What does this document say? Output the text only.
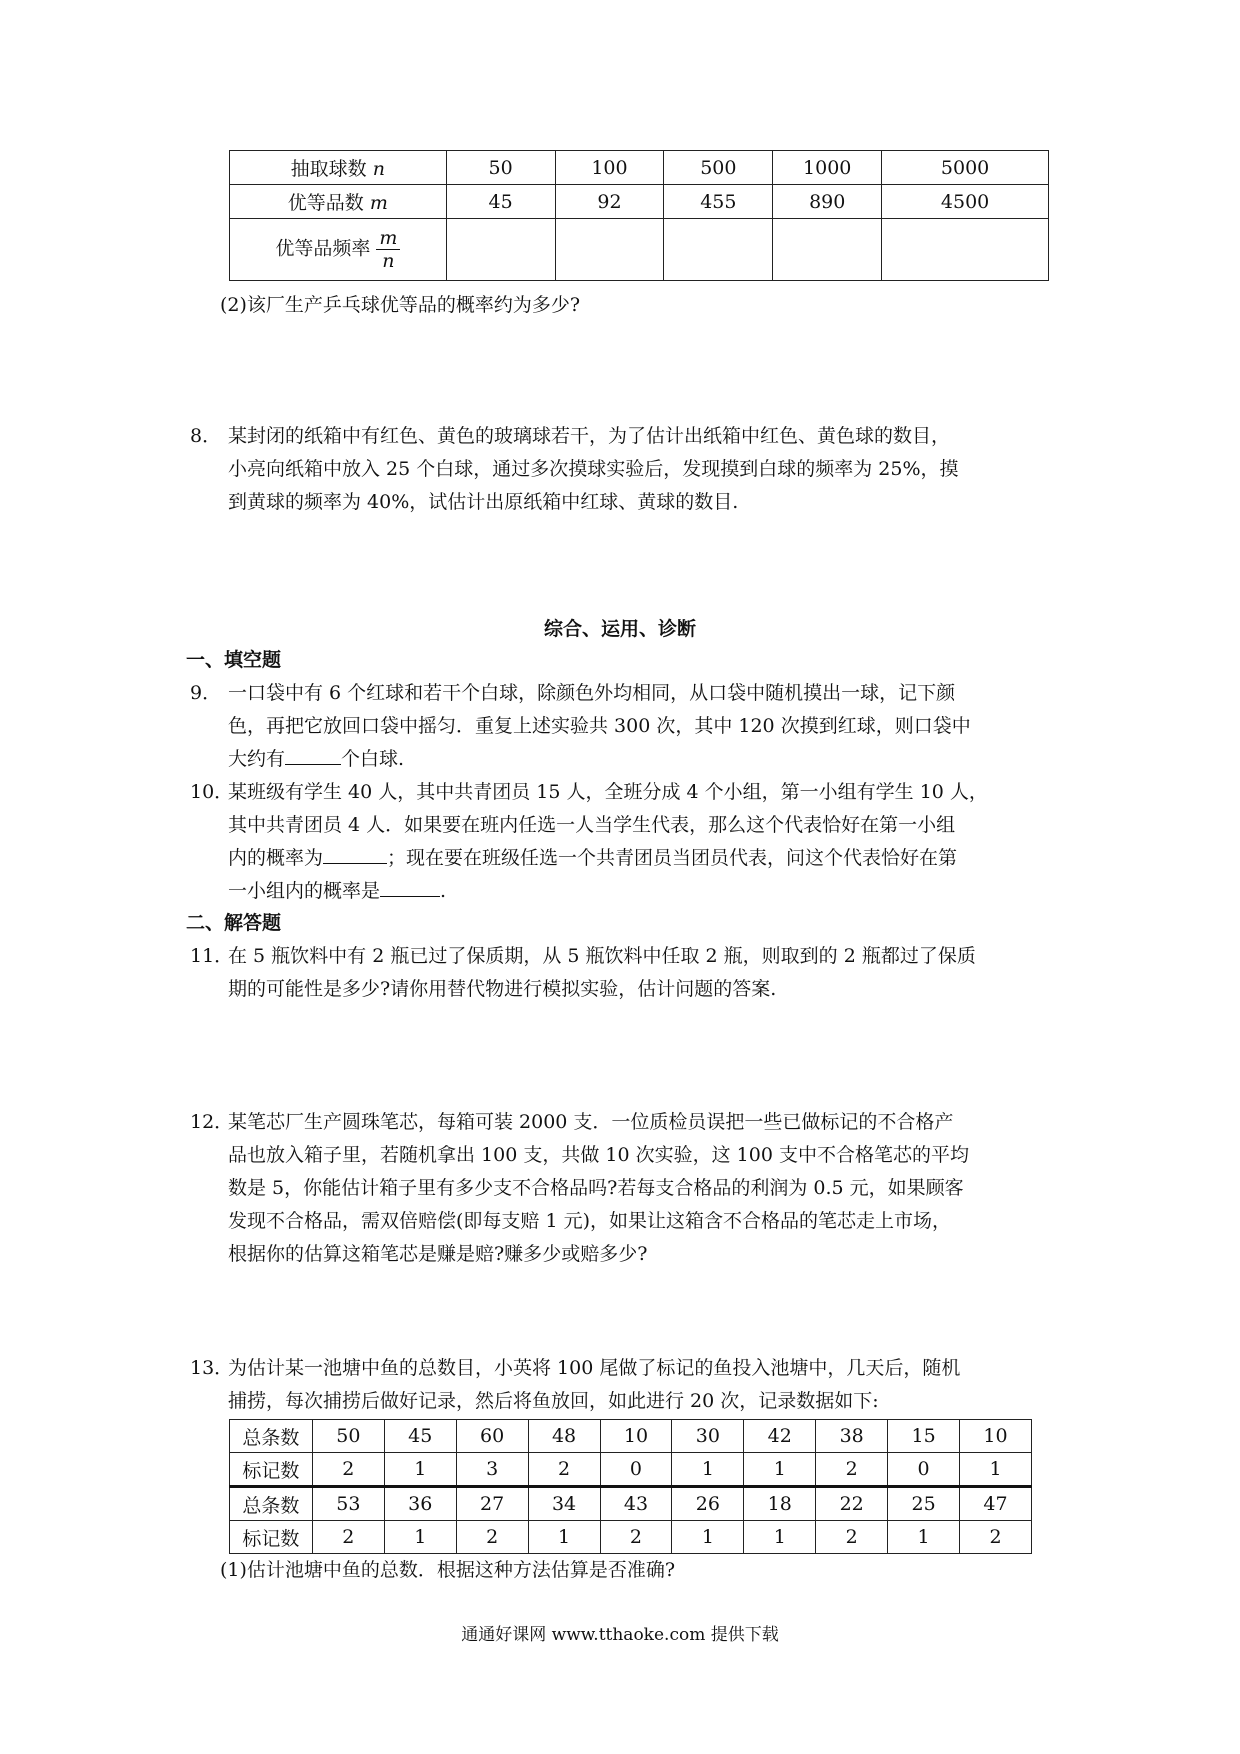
抽取球数 n	50	100	500	1000	5000
优等品数 m	45	92	455	890	4500
优等品频率 $\frac{m}{n}$

(2)该厂生产乒乓球优等品的概率约为多少?
8． 某封闭的纸箱中有红色、黄色的玻璃球若干，为了估计出纸箱中红色、黄色球的数目，
小亮向纸箱中放入 25 个白球，通过多次摸球实验后，发现摸到白球的频率为 25%，摸
到黄球的频率为 40%，试估计出原纸箱中红球、黄球的数目.
综合、运用、诊断
一、填空题
9． 一口袋中有 6 个红球和若干个白球，除颜色外均相同，从口袋中随机摸出一球，记下颜
色，再把它放回口袋中摇匀．重复上述实验共 300 次，其中 120 次摸到红球，则口袋中
大约有	个白球.
10．
某班级有学生 40 人，其中共青团员 15 人，全班分成 4 个小组，第一小组有学生 10 人，
其中共青团员 4 人．如果要在班内任选一人当学生代表，那么这个代表恰好在第一小组
内的概率为	；现在要在班级任选一个共青团员当团员代表，问这个代表恰好在第
一小组内的概率是	.
二、解答题
11．
在 5 瓶饮料中有 2 瓶已过了保质期，从 5 瓶饮料中任取 2 瓶，则取到的 2 瓶都过了保质
期的可能性是多少?请你用替代物进行模拟实验，估计问题的答案.
12．
某笔芯厂生产圆珠笔芯，每箱可装 2000 支．一位质检员误把一些已做标记的不合格产
品也放入箱子里，若随机拿出 100 支，共做 10 次实验，这 100 支中不合格笔芯的平均
数是 5，你能估计箱子里有多少支不合格品吗?若每支合格品的利润为 0.5 元，如果顾客
发现不合格品，需双倍赔偿(即每支赔 1 元)，如果让这箱含不合格品的笔芯走上市场，
根据你的估算这箱笔芯是赚是赔?赚多少或赔多少?
13．
为估计某一池塘中鱼的总数目，小英将 100 尾做了标记的鱼投入池塘中，几天后，随机
捕捞，每次捕捞后做好记录，然后将鱼放回，如此进行 20 次，记录数据如下:
总条数	50	45	60	48	10	30	42	38	15	10
标记数	2	1	3	2	0	1	1	2	0	1
总条数	53	36	27	34	43	26	18	22	25	47
标记数	2	1	2	1	2	1	1	2	1	2
(1)估计池塘中鱼的总数．根据这种方法估算是否准确?
通通好课网 www.tthaoke.com 提供下载
